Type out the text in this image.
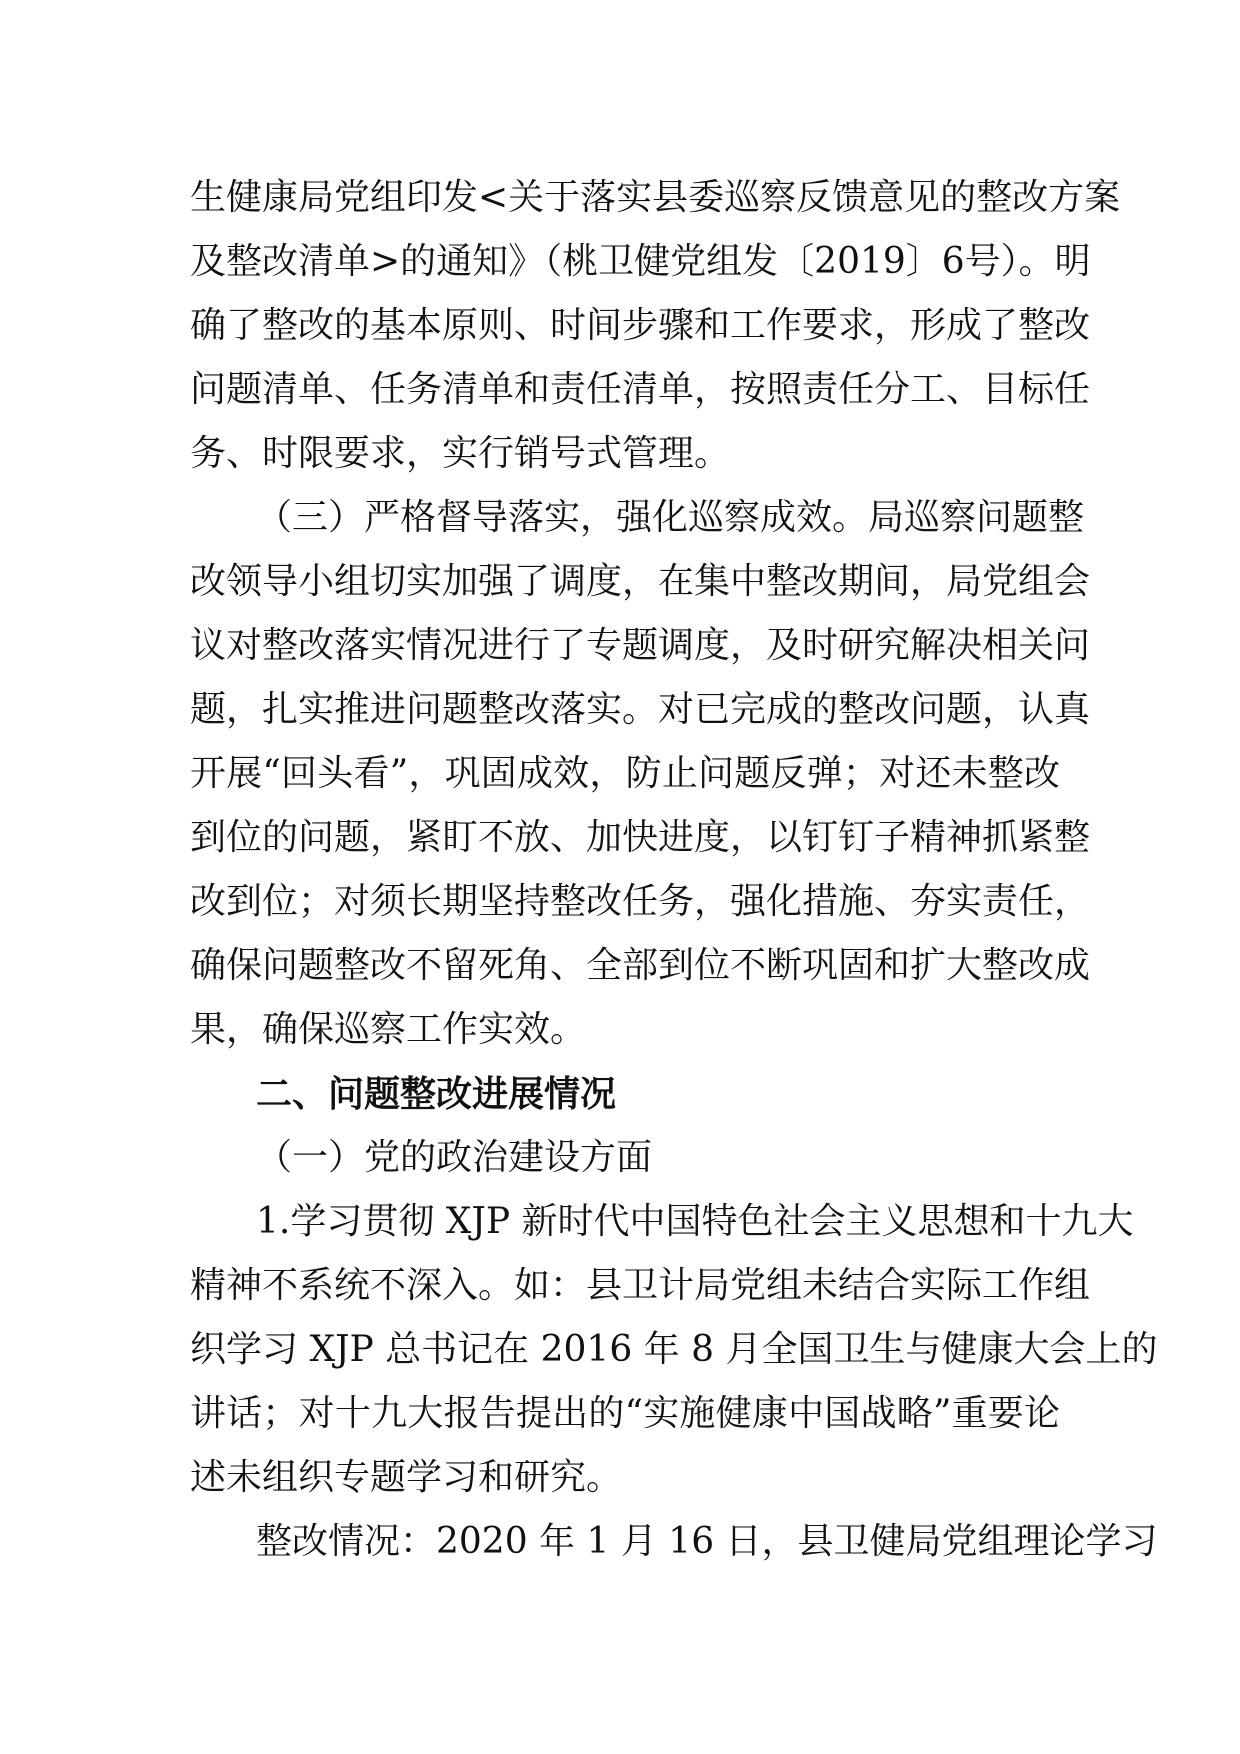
生健康局党组印发<关于落实县委巡察反馈意见的整改方案
及整改清单>的通知》（桃卫健党组发〔2019〕6号）。明
确了整改的基本原则、时间步骤和工作要求，形成了整改
问题清单、任务清单和责任清单，按照责任分工、目标任
务、时限要求，实行销号式管理。
（三）严格督导落实，强化巡察成效。局巡察问题整
改领导小组切实加强了调度，在集中整改期间，局党组会
议对整改落实情况进行了专题调度，及时研究解决相关问
题，扎实推进问题整改落实。对已完成的整改问题，认真
开展“回头看”，巩固成效，防止问题反弹；对还未整改
到位的问题，紧盯不放、加快进度，以钉钉子精神抓紧整
改到位；对须长期坚持整改任务，强化措施、夯实责任，
确保问题整改不留死角、全部到位不断巩固和扩大整改成
果，确保巡察工作实效。
二、问题整改进展情况
（一）党的政治建设方面
1.学习贯彻 XJP 新时代中国特色社会主义思想和十九大
精神不系统不深入。如：县卫计局党组未结合实际工作组
织学习 XJP 总书记在 2016 年 8 月全国卫生与健康大会上的
讲话；对十九大报告提出的“实施健康中国战略”重要论
述未组织专题学习和研究。
整改情况：2020 年 1 月 16 日，县卫健局党组理论学习
